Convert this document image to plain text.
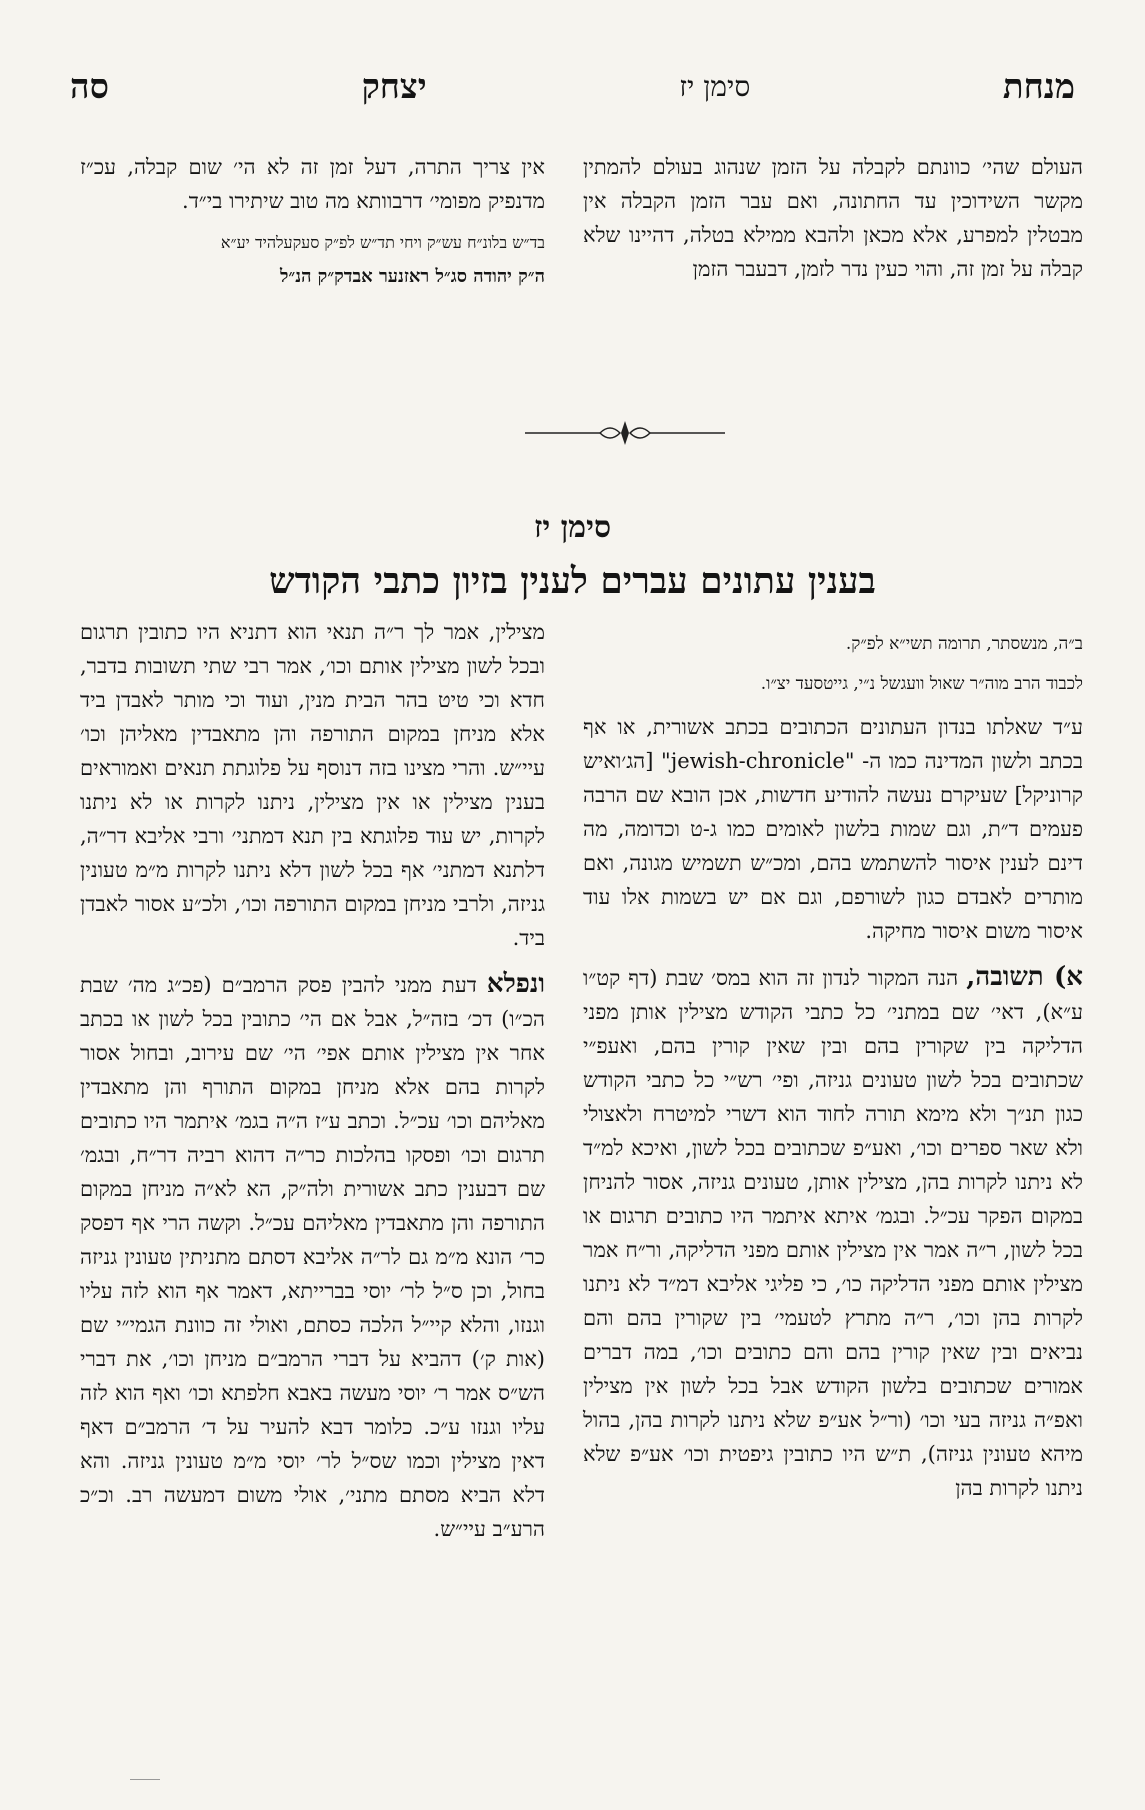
מנחת
סימן יז
יצחק
סה

העולם שהי׳ כוונתם לקבלה על הזמן שנהוג בעולם להמתין מקשר השידוכין עד החתונה, ואם עבר הזמן הקבלה אין מבטלין למפרע, אלא מכאן ולהבא ממילא בטלה, דהיינו שלא קבלה על זמן זה, והוי כעין נדר לזמן, דבעבר הזמן

אין צריך התרה, דעל זמן זה לא הי׳ שום קבלה, עכ״ז מדנפיק מפומי׳ דרבוותא מה טוב שיתירו בי״ד.

בד״ש בלונ״ח עש״ק ויחי תד״ש לפ״ק סעקעלהיד יע״א
ה״ק יהודה סג״ל ראזנער אבדק״ק הנ״ל
סימן יז
בענין עתונים עברים לענין בזיון כתבי הקודש

ב״ה, מנשסתר, תרומה תשי״א לפ״ק.

לכבוד הרב מוה״ר שאול וועגשל נ״י, גייטסעד יצ״ו.

ע״ד שאלתו בנדון העתונים הכתובים בכתב אשורית, או אף בכתב ולשון המדינה כמו ה- "jewish-chronicle" [הג׳ואיש קרוניקל] שעיקרם נעשה להודיע חדשות, אכן הובא שם הרבה פעמים ד״ת, וגם שמות בלשון לאומים כמו ג-ט וכדומה, מה דינם לענין איסור להשתמש בהם, ומכ״ש תשמיש מגונה, ואם מותרים לאבדם כגון לשורפם, וגם אם יש בשמות אלו עוד איסור משום איסור מחיקה.

א) תשובה, הנה המקור לנדון זה הוא במס׳ שבת (דף קט״ו ע״א), דאי׳ שם במתני׳ כל כתבי הקודש מצילין אותן מפני הדליקה בין שקורין בהם ובין שאין קורין בהם, ואעפ״י שכתובים בכל לשון טעונים גניזה, ופי׳ רש״י כל כתבי הקודש כגון תנ״ך ולא מימא תורה לחוד הוא דשרי למיטרח ולאצולי ולא שאר ספרים וכו׳, ואע״פ שכתובים בכל לשון, ואיכא למ״ד לא ניתנו לקרות בהן, מצילין אותן, טעונים גניזה, אסור להניחן במקום הפקר עכ״ל. ובגמ׳ איתא איתמר היו כתובים תרגום או בכל לשון, ר״ה אמר אין מצילין אותם מפני הדליקה, ור״ח אמר מצילין אותם מפני הדליקה כו׳, כי פליגי אליבא דמ״ד לא ניתנו לקרות בהן וכו׳, ר״ה מתרץ לטעמי׳ בין שקורין בהם והם נביאים ובין שאין קורין בהם והם כתובים וכו׳, במה דברים אמורים שכתובים בלשון הקודש אבל בכל לשון אין מצילין ואפ״ה גניזה בעי וכו׳ (ור״ל אע״פ שלא ניתנו לקרות בהן, בהול מיהא טעונין גניזה), ת״ש היו כתובין גיפטית וכו׳ אע״פ שלא ניתנו לקרות בהן

מצילין, אמר לך ר״ה תנאי הוא דתניא היו כתובין תרגום ובכל לשון מצילין אותם וכו׳, אמר רבי שתי תשובות בדבר, חדא וכי טיט בהר הבית מנין, ועוד וכי מותר לאבדן ביד אלא מניחן במקום התורפה והן מתאבדין מאליהן וכו׳ עיי״ש. והרי מצינו בזה דנוסף על פלוגתת תנאים ואמוראים בענין מצילין או אין מצילין, ניתנו לקרות או לא ניתנו לקרות, יש עוד פלוגתא בין תנא דמתני׳ ורבי אליבא דר״ה, דלתנא דמתני׳ אף בכל לשון דלא ניתנו לקרות מ״מ טעונין גניזה, ולרבי מניחן במקום התורפה וכו׳, ולכ״ע אסור לאבדן ביד.

ונפלא דעת ממני להבין פסק הרמב״ם (פכ״ג מה׳ שבת הכ״ו) דכ׳ בזה״ל, אבל אם הי׳ כתובין בכל לשון או בכתב אחר אין מצילין אותם אפי׳ הי׳ שם עירוב, ובחול אסור לקרות בהם אלא מניחן במקום התורף והן מתאבדין מאליהם וכו׳ עכ״ל. וכתב ע״ז ה״ה בגמ׳ איתמר היו כתובים תרגום וכו׳ ופסקו בהלכות כר״ה דהוא רביה דר״ח, ובגמ׳ שם דבענין כתב אשורית ולה״ק, הא לא״ה מניחן במקום התורפה והן מתאבדין מאליהם עכ״ל. וקשה הרי אף דפסק כר׳ הונא מ״מ גם לר״ה אליבא דסתם מתניתין טעונין גניזה בחול, וכן ס״ל לר׳ יוסי בברייתא, דאמר אף הוא לזה עליו וגנזו, והלא קיי״ל הלכה כסתם, ואולי זה כוונת הגמי״י שם (אות ק׳) דהביא על דברי הרמב״ם מניחן וכו׳, את דברי הש״ס אמר ר׳ יוסי מעשה באבא חלפתא וכו׳ ואף הוא לזה עליו וגנזו ע״כ. כלומר דבא להעיר על ד׳ הרמב״ם דאף דאין מצילין וכמו שס״ל לר׳ יוסי מ״מ טעונין גניזה. והא דלא הביא מסתם מתני׳, אולי משום דמעשה רב. וכ״כ הרע״ב עיי״ש.
